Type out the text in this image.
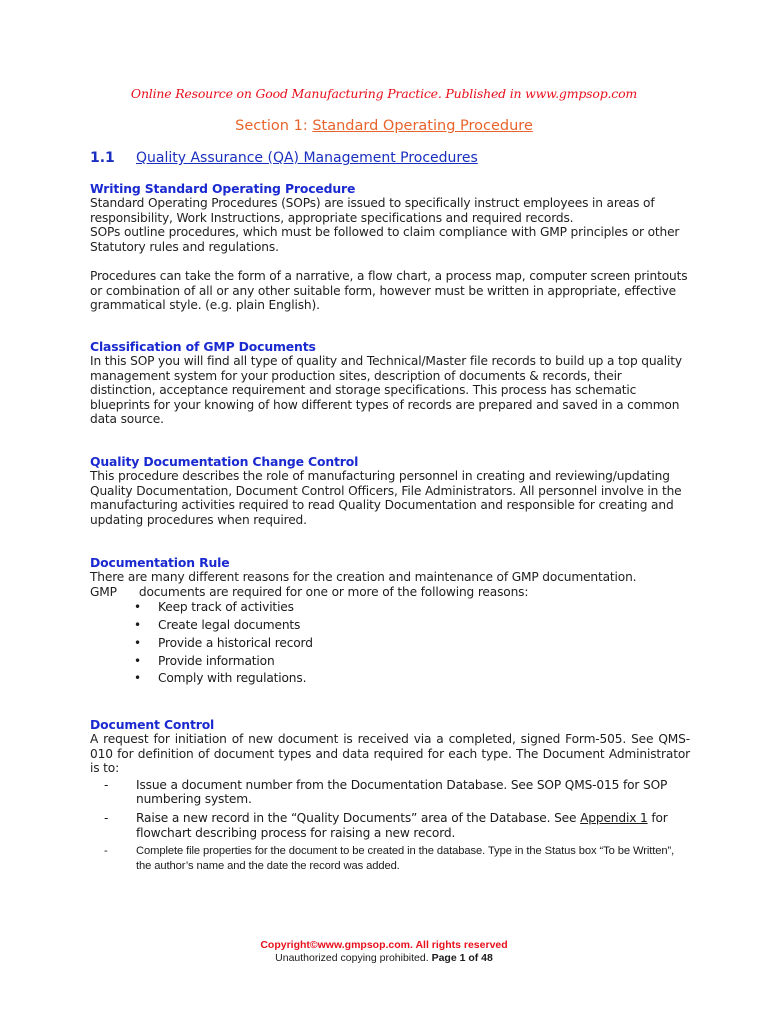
Online Resource on Good Manufacturing Practice. Published in www.gmpsop.com
Section 1: Standard Operating Procedure
1.1 Quality Assurance (QA) Management Procedures
Writing Standard Operating Procedure
Standard Operating Procedures (SOPs) are issued to specifically instruct employees in areas of responsibility, Work Instructions, appropriate specifications and required records.
SOPs outline procedures, which must be followed to claim compliance with GMP principles or other Statutory rules and regulations.
Procedures can take the form of a narrative, a flow chart, a process map, computer screen printouts or combination of all or any other suitable form, however must be written in appropriate, effective grammatical style. (e.g. plain English).
Classification of GMP Documents
In this SOP you will find all type of quality and Technical/Master file records to build up a top quality management system for your production sites, description of documents & records, their distinction, acceptance requirement and storage specifications. This process has schematic blueprints for your knowing of how different types of records are prepared and saved in a common data source.
Quality Documentation Change Control
This procedure describes the role of manufacturing personnel in creating and reviewing/updating Quality Documentation, Document Control Officers, File Administrators. All personnel involve in the manufacturing activities required to read Quality Documentation and responsible for creating and updating procedures when required.
Documentation Rule
There are many different reasons for the creation and maintenance of GMP documentation.
GMP documents are required for one or more of the following reasons:
• Keep track of activities
• Create legal documents
• Provide a historical record
• Provide information
• Comply with regulations.
Document Control
A request for initiation of new document is received via a completed, signed Form-505. See QMS-010 for definition of document types and data required for each type. The Document Administrator is to:
- Issue a document number from the Documentation Database. See SOP QMS-015 for SOP numbering system.
- Raise a new record in the “Quality Documents” area of the Database. See Appendix 1 for flowchart describing process for raising a new record.
-	Complete file properties for the document to be created in the database. Type in the Status box “To be Written”, the author’s name and the date the record was added.
Copyright©www.gmpsop.com. All rights reserved
Unauthorized copying prohibited. Page 1 of 48
